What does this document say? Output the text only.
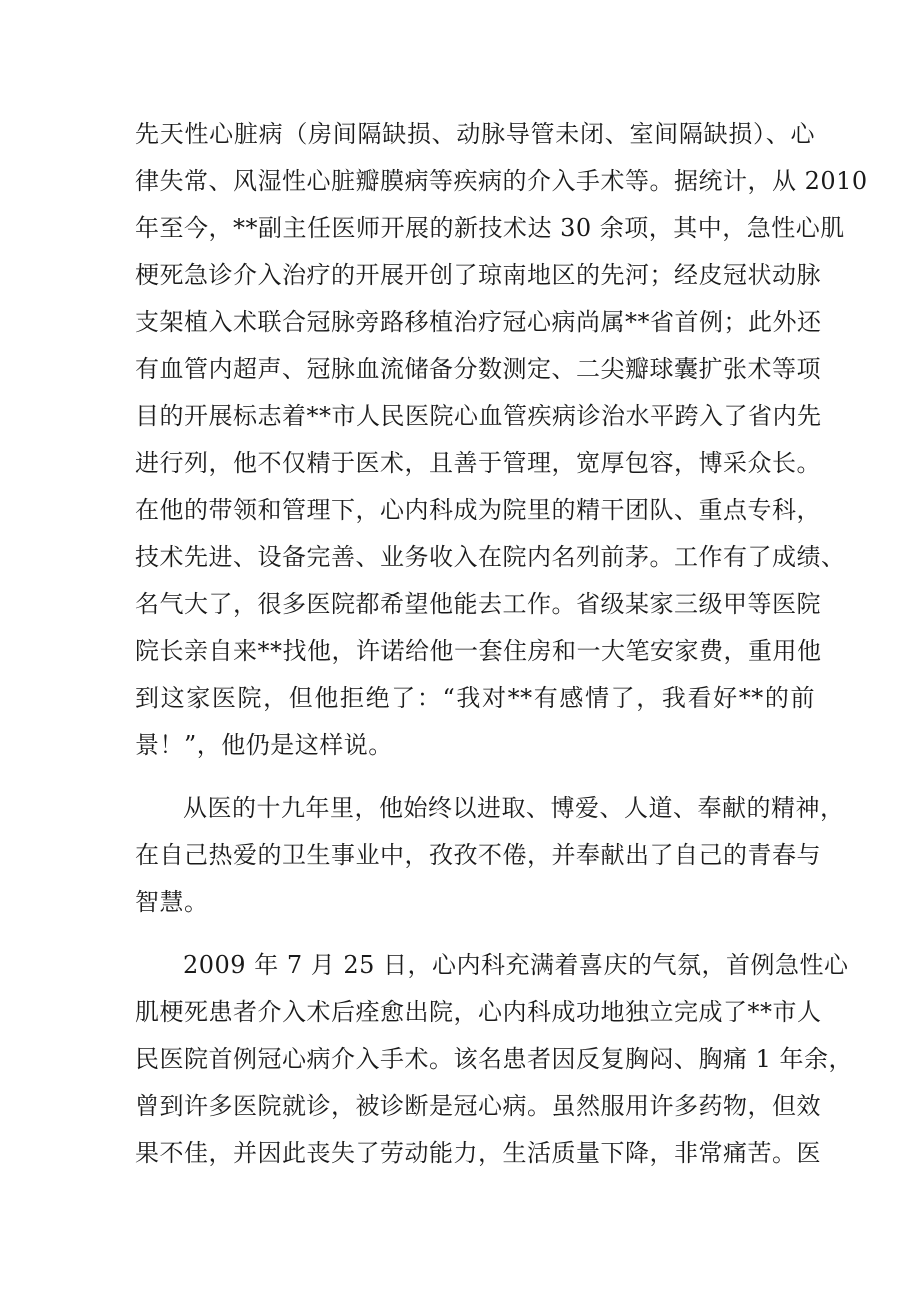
先天性心脏病（房间隔缺损、动脉导管未闭、室间隔缺损）、心
律失常、风湿性心脏瓣膜病等疾病的介入手术等。据统计，从 2010
年至今，**副主任医师开展的新技术达 30 余项，其中，急性心肌
梗死急诊介入治疗的开展开创了琼南地区的先河；经皮冠状动脉
支架植入术联合冠脉旁路移植治疗冠心病尚属**省首例；此外还
有血管内超声、冠脉血流储备分数测定、二尖瓣球囊扩张术等项
目的开展标志着**市人民医院心血管疾病诊治水平跨入了省内先
进行列，他不仅精于医术，且善于管理，宽厚包容，博采众长。
在他的带领和管理下，心内科成为院里的精干团队、重点专科，
技术先进、设备完善、业务收入在院内名列前茅。工作有了成绩、
名气大了，很多医院都希望他能去工作。省级某家三级甲等医院
院长亲自来**找他，许诺给他一套住房和一大笔安家费，重用他
到这家医院，但他拒绝了：“我对**有感情了，我看好**的前
景！”，他仍是这样说。
从医的十九年里，他始终以进取、博爱、人道、奉献的精神，
在自己热爱的卫生事业中，孜孜不倦，并奉献出了自己的青春与
智慧。
2009 年 7 月 25 日，心内科充满着喜庆的气氛，首例急性心
肌梗死患者介入术后痊愈出院，心内科成功地独立完成了**市人
民医院首例冠心病介入手术。该名患者因反复胸闷、胸痛 1 年余，
曾到许多医院就诊，被诊断是冠心病。虽然服用许多药物，但效
果不佳，并因此丧失了劳动能力，生活质量下降，非常痛苦。医
